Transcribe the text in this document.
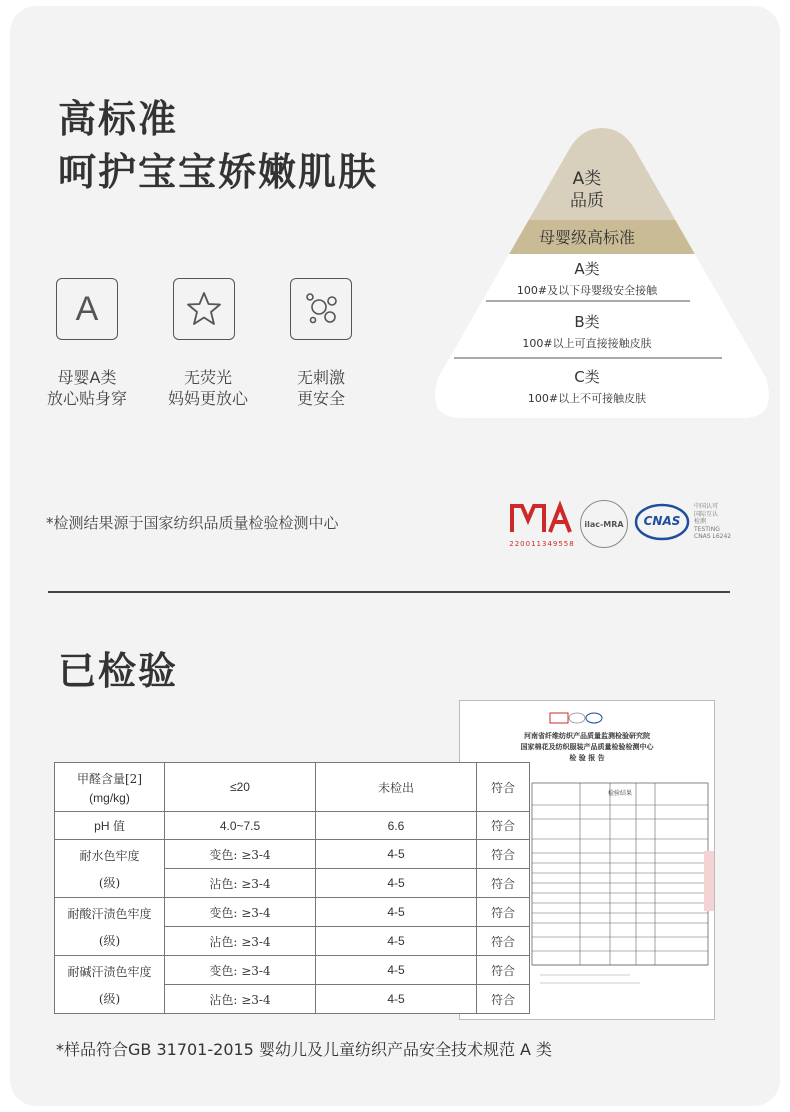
高标准
呵护宝宝娇嫩肌肤
A
母婴A类
放心贴身穿
无荧光
妈妈更放心
无刺激
更安全
A类
品质
母婴级高标准
A类
100#及以下母婴级安全接触
B类
100#以上可直接接触皮肤
C类
100#以上不可接触皮肤
*检测结果源于国家纺织品质量检验检测中心
220011349558
ilac-MRA	CNAS
中国认可
国际互认
检测
TESTING
CNAS L6242
已检验
河南省纤维纺织产品质量监测检验研究院
国家棉花及纺织服装产品质量检验检测中心
检 验 报 告
检验结果
甲醛含量[2]
(mg/kg)	≤20	未检出	符合
pH 值	4.0~7.5	6.6	符合

耐水色牢度
(级)	变色: ≥3-4	4-5	符合
	沾色: ≥3-4	4-5	符合

耐酸汗渍色牢度
(级)	变色: ≥3-4	4-5	符合
	沾色: ≥3-4	4-5	符合

耐碱汗渍色牢度
(级)	变色: ≥3-4	4-5	符合
	沾色: ≥3-4	4-5	符合
*样品符合GB 31701-2015 婴幼儿及儿童纺织产品安全技术规范 A 类
